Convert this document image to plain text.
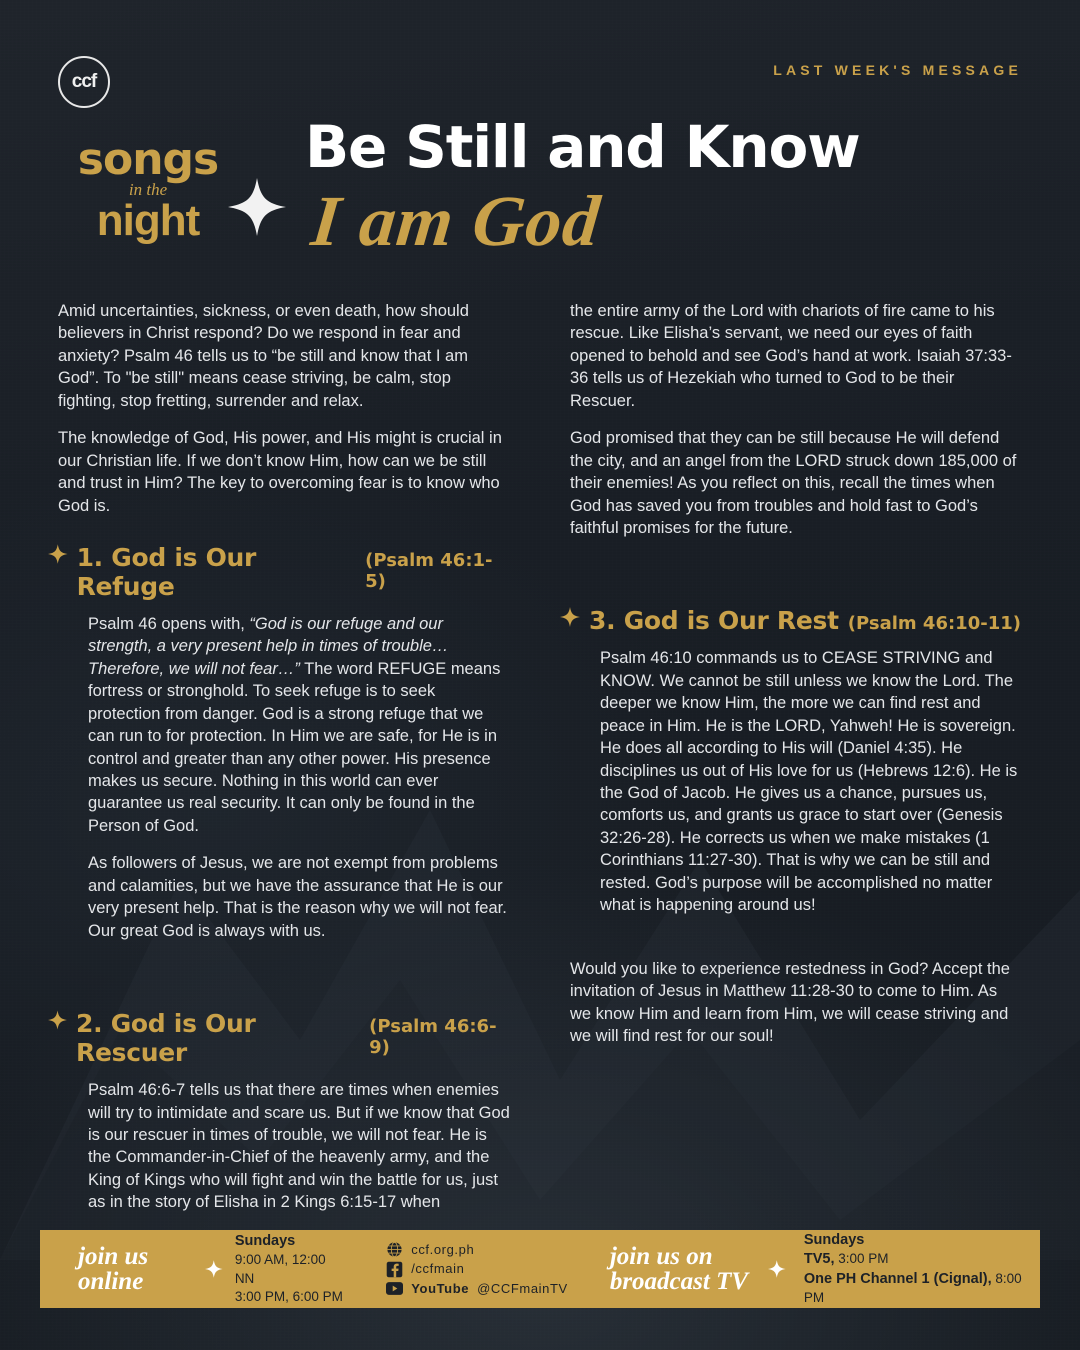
ccf
LAST WEEK'S MESSAGE
songs
in the
night
Be Still and Know
I am God

Amid uncertainties, sickness, or even death, how should believers in Christ respond? Do we respond in fear and anxiety? Psalm 46 tells us to “be still and know that I am God”. To "be still" means cease striving, be calm, stop fighting, stop fretting, surrender and relax.

The knowledge of God, His power, and His might is crucial in our Christian life. If we don’t know Him, how can we be still and trust in Him? The key to overcoming fear is to know who God is.

1. God is Our Refuge
(Psalm 46:1-5)

Psalm 46 opens with, “God is our refuge and our strength, a very present help in times of trouble… Therefore, we will not fear…” The word REFUGE means fortress or stronghold. To seek refuge is to seek protection from danger. God is a strong refuge that we can run to for protection. In Him we are safe, for He is in control and greater than any other power. His presence makes us secure. Nothing in this world can ever guarantee us real security. It can only be found in the Person of God.

As followers of Jesus, we are not exempt from problems and calamities, but we have the assurance that He is our very present help. That is the reason why we will not fear. Our great God is always with us.

2. God is Our Rescuer
(Psalm 46:6-9)

Psalm 46:6-7 tells us that there are times when enemies will try to intimidate and scare us. But if we know that God is our rescuer in times of trouble, we will not fear. He is the Commander-in-Chief of the heavenly army, and the King of Kings who will fight and win the battle for us, just as in the story of Elisha in 2 Kings 6:15-17 when

the entire army of the Lord with chariots of fire came to his rescue. Like Elisha’s servant, we need our eyes of faith opened to behold and see God’s hand at work. Isaiah 37:33-36 tells us of Hezekiah who turned to God to be their Rescuer.

God promised that they can be still because He will defend the city, and an angel from the LORD struck down 185,000 of their enemies! As you reflect on this, recall the times when God has saved you from troubles and hold fast to God’s faithful promises for the future.

3. God is Our Rest (Psalm 46:10-11)

Psalm 46:10 commands us to CEASE STRIVING and KNOW. We cannot be still unless we know the Lord. The deeper we know Him, the more we can find rest and peace in Him. He is the LORD, Yahweh! He is sovereign. He does all according to His will (Daniel 4:35). He disciplines us out of His love for us (Hebrews 12:6). He is the God of Jacob. He gives us a chance, pursues us, comforts us, and grants us grace to start over (Genesis 32:26-28). He corrects us when we make mistakes (1 Corinthians 11:27-30). That is why we can be still and rested. God’s purpose will be accomplished no matter what is happening around us!

Would you like to experience restedness in God? Accept the invitation of Jesus in Matthew 11:28-30 to come to Him. As we know Him and learn from Him, we will cease striving and we will find rest for our soul!

join us
online
Sundays
9:00 AM, 12:00 NN
3:00 PM, 6:00 PM
ccf.org.ph
/ccfmain
YouTube @CCFmainTV
join us on
broadcast TV
Sundays
TV5, 3:00 PM
One PH Channel 1 (Cignal), 8:00 PM
